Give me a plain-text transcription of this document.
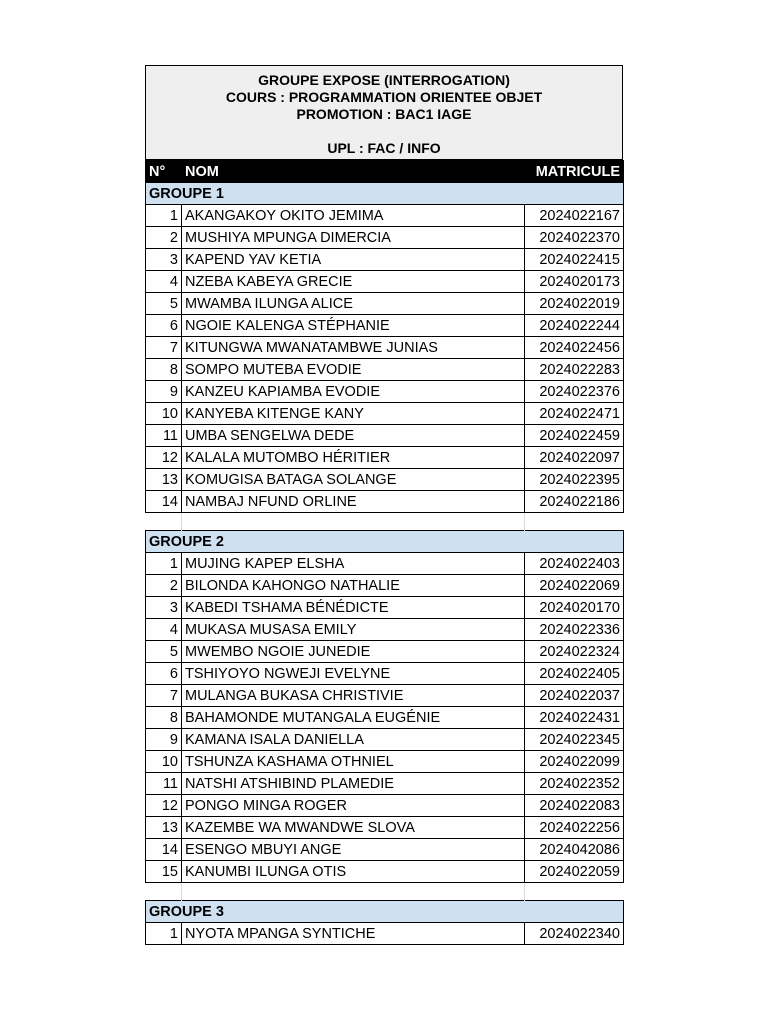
GROUPE EXPOSE (INTERROGATION)
COURS : PROGRAMMATION ORIENTEE OBJET
PROMOTION : BAC1 IAGE
UPL : FAC / INFO
N°	NOM	MATRICULE
GROUPE 1		
1	AKANGAKOY OKITO JEMIMA	2024022167
2	MUSHIYA MPUNGA DIMERCIA	2024022370
3	KAPEND YAV KETIA	2024022415
4	NZEBA KABEYA GRECIE	2024020173
5	MWAMBA ILUNGA ALICE	2024022019
6	NGOIE KALENGA STÉPHANIE	2024022244
7	KITUNGWA MWANATAMBWE JUNIAS	2024022456
8	SOMPO MUTEBA EVODIE	2024022283
9	KANZEU KAPIAMBA EVODIE	2024022376
10	KANYEBA KITENGE KANY	2024022471
11	UMBA SENGELWA DEDE	2024022459
12	KALALA MUTOMBO HÉRITIER	2024022097
13	KOMUGISA BATAGA SOLANGE	2024022395
14	NAMBAJ NFUND ORLINE	2024022186

GROUPE 2		
1	MUJING KAPEP ELSHA	2024022403
2	BILONDA KAHONGO NATHALIE	2024022069
3	KABEDI TSHAMA BÉNÉDICTE	2024020170
4	MUKASA MUSASA EMILY	2024022336
5	MWEMBO NGOIE JUNEDIE	2024022324
6	TSHIYOYO NGWEJI EVELYNE	2024022405
7	MULANGA BUKASA CHRISTIVIE	2024022037
8	BAHAMONDE MUTANGALA EUGÉNIE	2024022431
9	KAMANA ISALA DANIELLA	2024022345
10	TSHUNZA KASHAMA OTHNIEL	2024022099
11	NATSHI ATSHIBIND PLAMEDIE	2024022352
12	PONGO MINGA ROGER	2024022083
13	KAZEMBE WA MWANDWE SLOVA	2024022256
14	ESENGO MBUYI ANGE	2024042086
15	KANUMBI ILUNGA OTIS	2024022059

GROUPE 3		
1	NYOTA MPANGA SYNTICHE	2024022340
